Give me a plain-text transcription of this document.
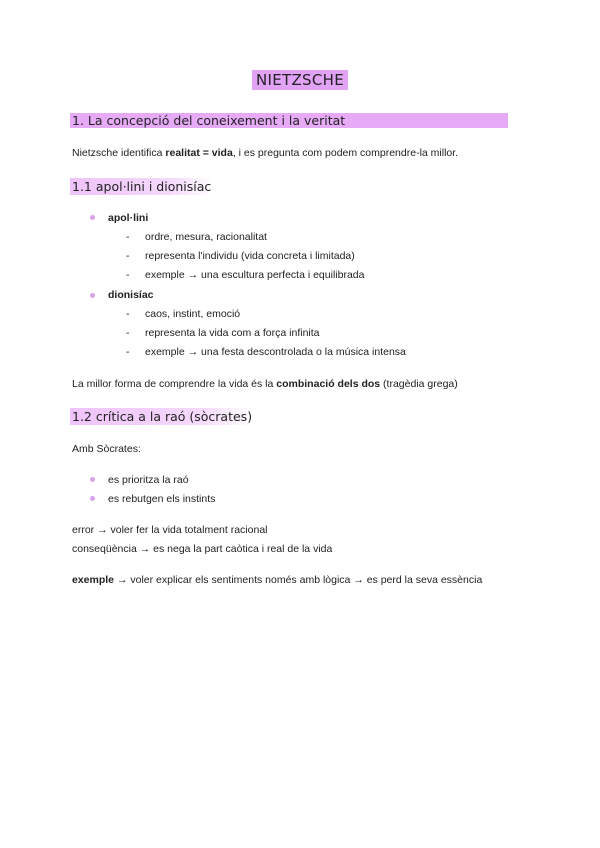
NIETZSCHE
1. La concepció del coneixement i la veritat
Nietzsche identifica realitat = vida, i es pregunta com podem comprendre-la millor.
1.1 apol·lini i dionisíac
apol·lini
- ordre, mesura, racionalitat
- representa l'individu (vida concreta i limitada)
- exemple → una escultura perfecta i equilibrada
dionisíac
- caos, instint, emoció
- representa la vida com a força infinita
- exemple → una festa descontrolada o la música intensa
La millor forma de comprendre la vida és la combinació dels dos (tragèdia grega)
1.2 crítica a la raó (sòcrates)
Amb Sòcrates:
es prioritza la raó
es rebutgen els instints
error → voler fer la vida totalment racional
conseqüència → es nega la part caòtica i real de la vida
exemple → voler explicar els sentiments només amb lògica → es perd la seva essència
